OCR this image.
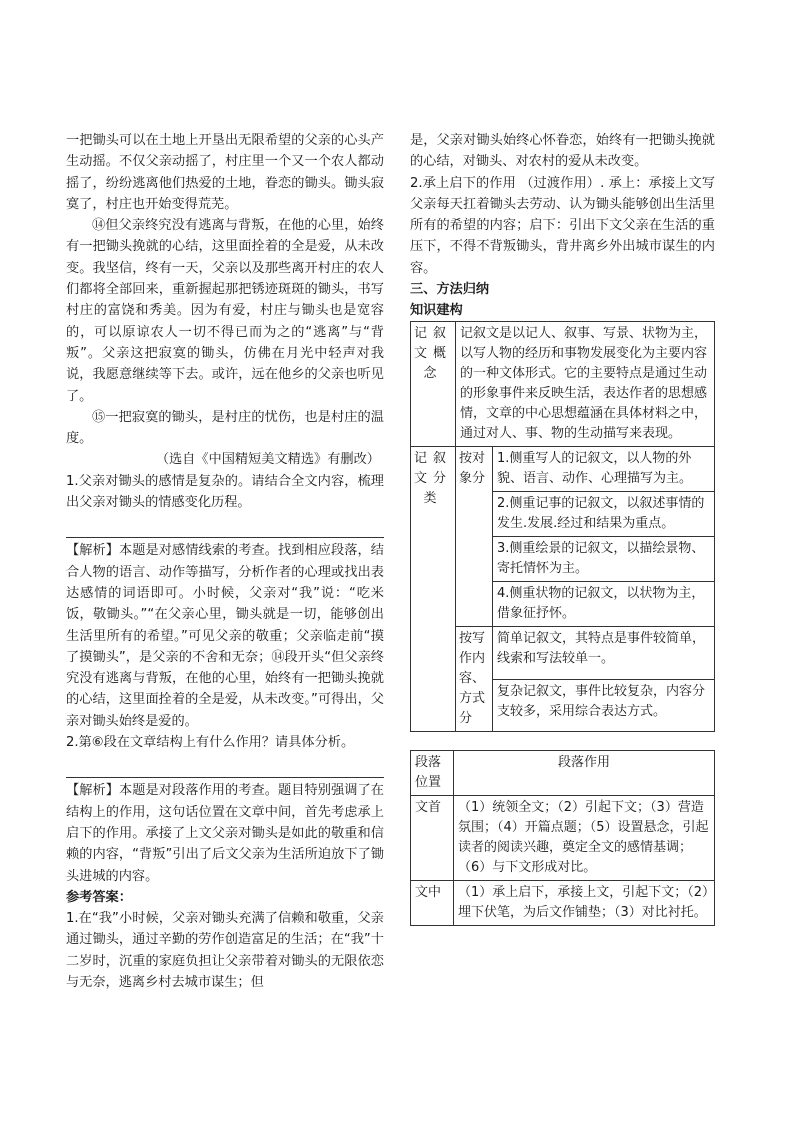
一把锄头可以在土地上开垦出无限希望的父亲的心头产生动摇。不仅父亲动摇了，村庄里一个又一个农人都动摇了，纷纷逃离他们热爱的土地，眷恋的锄头。锄头寂寞了，村庄也开始变得荒芜。

⑭但父亲终究没有逃离与背叛，在他的心里，始终有一把锄头挽就的心结，这里面拴着的全是爱，从未改变。我坚信，终有一天，父亲以及那些离开村庄的农人们都将全部回来，重新握起那把锈迹斑斑的锄头，书写村庄的富饶和秀美。因为有爱，村庄与锄头也是宽容的，可以原谅农人一切不得已而为之的“逃离”与“背叛”。父亲这把寂寞的锄头，仿佛在月光中轻声对我说，我愿意继续等下去。或许，远在他乡的父亲也听见了。

⑮一把寂寞的锄头，是村庄的忧伤，也是村庄的温度。

（选自《中国精短美文精选》有删改）

1.父亲对锄头的感情是复杂的。请结合全文内容，梳理出父亲对锄头的情感变化历程。

【解析】本题是对感情线索的考查。找到相应段落，结合人物的语言、动作等描写，分析作者的心理或找出表达感情的词语即可。小时候，父亲对“我”说：“吃米饭，敬锄头。”“在父亲心里，锄头就是一切，能够创出生活里所有的希望。”可见父亲的敬重；父亲临走前“摸了摸锄头”，是父亲的不舍和无奈；⑭段开头“但父亲终究没有逃离与背叛，在他的心里，始终有一把锄头挽就的心结，这里面拴着的全是爱，从未改变。”可得出，父亲对锄头始终是爱的。

2.第⑥段在文章结构上有什么作用？请具体分析。

【解析】本题是对段落作用的考查。题目特别强调了在结构上的作用，这句话位置在文章中间，首先考虑承上启下的作用。承接了上文父亲对锄头是如此的敬重和信赖的内容，“背叛”引出了后文父亲为生活所迫放下了锄头进城的内容。

参考答案：

1.在“我”小时候，父亲对锄头充满了信赖和敬重，父亲通过锄头，通过辛勤的劳作创造富足的生活；在“我”十二岁时，沉重的家庭负担让父亲带着对锄头的无限依恋与无奈，逃离乡村去城市谋生；但

是，父亲对锄头始终心怀眷恋，始终有一把锄头挽就的心结，对锄头、对农村的爱从未改变。

2.承上启下的作用 （过渡作用）. 承上：承接上文写父亲每天扛着锄头去劳动、认为锄头能够创出生活里所有的希望的内容；启下：引出下文父亲在生活的重压下，不得不背叛锄头，背井离乡外出城市谋生的内容。

三、方法归纳

知识建构

记叙文概念	记叙文是以记人、叙事、写景、状物为主，以写人物的经历和事物发展变化为主要内容的一种文体形式。它的主要特点是通过生动的形象事件来反映生活，表达作者的思想感情，文章的中心思想蕴涵在具体材料之中，通过对人、事、物的生动描写来表现。	
记叙文分类	按对象分	1.侧重写人的记叙文，以人物的外貌、语言、动作、心理描写为主。
		2.侧重记事的记叙文，以叙述事情的发生.发展.经过和结果为重点。
		3.侧重绘景的记叙文，以描绘景物、寄托情怀为主。
		4.侧重状物的记叙文，以状物为主，借象征抒怀。
	按写作内容、方式分	简单记叙文，其特点是事件较简单，线索和写法较单一。
		复杂记叙文，事件比较复杂，内容分支较多，采用综合表达方式。
段落位置	段落作用
文首	（1）统领全文；（2）引起下文；（3）营造氛围；（4）开篇点题；（5）设置悬念，引起读者的阅读兴趣，奠定全文的感情基调；（6）与下文形成对比。
文中	（1）承上启下，承接上文，引起下文；（2）埋下伏笔，为后文作铺垫；（3）对比衬托。
